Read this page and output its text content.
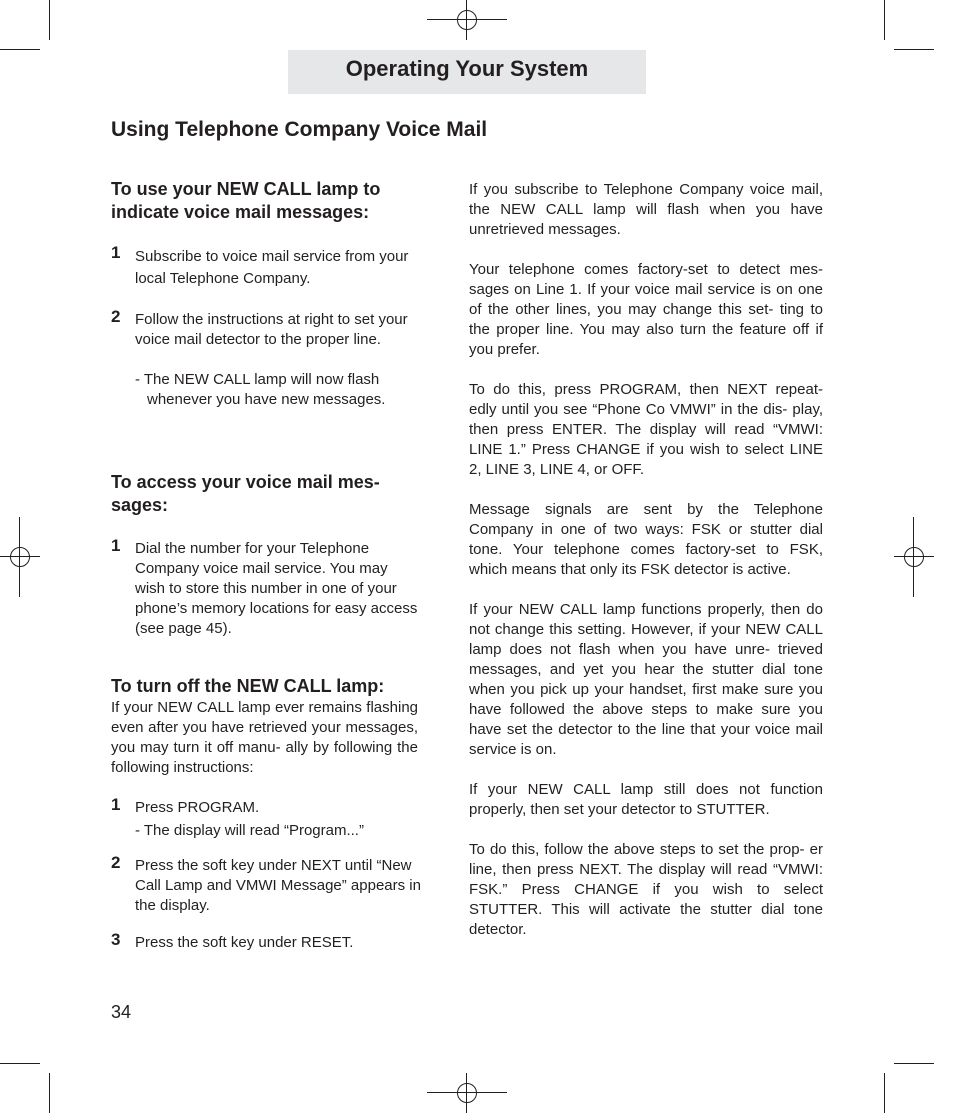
Operating Your System
Using Telephone Company Voice Mail
To use your NEW CALL lamp to indicate voice mail messages:
1 Subscribe to voice mail service from your local Telephone Company.
2 Follow the instructions at right to set your voice mail detector to the proper line.
- The NEW CALL lamp will now flash whenever you have new messages.
To access your voice mail mes- sages:
1 Dial the number for your Telephone Company voice mail service. You may wish to store this number in one of your phone’s memory locations for easy access (see page 45).
To turn off the NEW CALL lamp:
If your NEW CALL lamp ever remains flashing even after you have retrieved your messages, you may turn it off manu- ally by following the following instructions:
1 Press PROGRAM.
- The display will read “Program...”
2 Press the soft key under NEXT until “New Call Lamp and VMWI Message” appears in the display.
3 Press the soft key under RESET.

If you subscribe to Telephone Company voice mail, the NEW CALL lamp will flash when you have unretrieved messages.

Your telephone comes factory-set to detect mes- sages on Line 1. If your voice mail service is on one of the other lines, you may change this set- ting to the proper line. You may also turn the feature off if you prefer.

To do this, press PROGRAM, then NEXT repeat- edly until you see “Phone Co VMWI” in the dis- play, then press ENTER. The display will read “VMWI: LINE 1.” Press CHANGE if you wish to select LINE 2, LINE 3, LINE 4, or OFF.

Message signals are sent by the Telephone Company in one of two ways: FSK or stutter dial tone. Your telephone comes factory-set to FSK, which means that only its FSK detector is active.

If your NEW CALL lamp functions properly, then do not change this setting. However, if your NEW CALL lamp does not flash when you have unre- trieved messages, and yet you hear the stutter dial tone when you pick up your handset, first make sure you have followed the above steps to make sure you have set the detector to the line that your voice mail service is on.

If your NEW CALL lamp still does not function properly, then set your detector to STUTTER.

To do this, follow the above steps to set the prop- er line, then press NEXT. The display will read “VMWI: FSK.” Press CHANGE if you wish to select STUTTER. This will activate the stutter dial tone detector.

34
